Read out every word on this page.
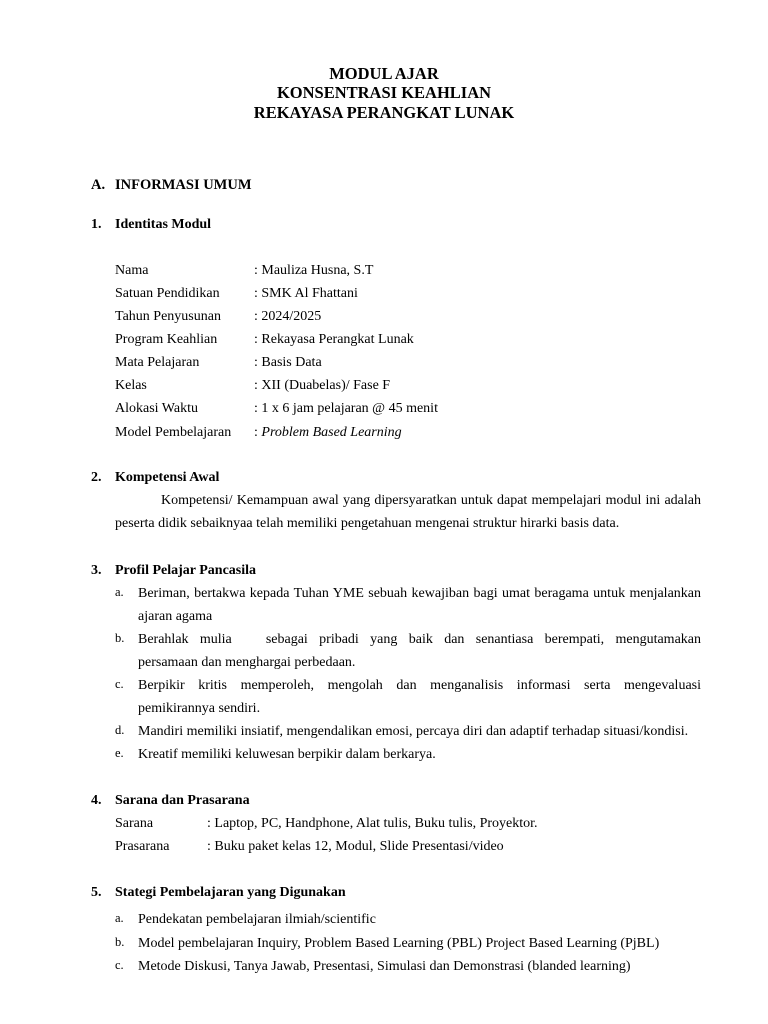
MODUL AJAR
KONSENTRASI KEAHLIAN
REKAYASA PERANGKAT LUNAK
A. INFORMASI UMUM
1. Identitas Modul
Nama	: Mauliza Husna, S.T
Satuan Pendidikan : SMK Al Fhattani
Tahun Penyusunan : 2024/2025
Program Keahlian	: Rekayasa Perangkat Lunak
Mata Pelajaran	: Basis Data
Kelas	: XII (Duabelas)/ Fase F
Alokasi Waktu	: 1 x 6 jam pelajaran @ 45 menit
Model Pembelajaran : Problem Based Learning
2. Kompetensi Awal
Kompetensi/ Kemampuan awal yang dipersyaratkan untuk dapat mempelajari modul ini adalah
peserta didik sebaiknyaa telah memiliki pengetahuan mengenai struktur hirarki basis data.
3. Profil Pelajar Pancasila
a. Beriman, bertakwa kepada Tuhan YME sebuah kewajiban bagi umat beragama untuk menjalankan
ajaran agama
b. Berahlak mulia   sebagai pribadi yang baik dan senantiasa berempati, mengutamakan
persamaan dan menghargai perbedaan.
c. Berpikir kritis memperoleh, mengolah dan menganalisis informasi serta mengevaluasi
pemikirannya sendiri.
d. Mandiri memiliki insiatif, mengendalikan emosi, percaya diri dan adaptif terhadap situasi/kondisi.
e. Kreatif memiliki keluwesan berpikir dalam berkarya.
4. Sarana dan Prasarana
Sarana	: Laptop, PC, Handphone, Alat tulis, Buku tulis, Proyektor.
Prasarana	: Buku paket kelas 12, Modul, Slide Presentasi/video
5. Stategi Pembelajaran yang Digunakan
a. Pendekatan pembelajaran ilmiah/scientific
b. Model pembelajaran Inquiry, Problem Based Learning (PBL) Project Based Learning (PjBL)
c. Metode Diskusi, Tanya Jawab, Presentasi, Simulasi dan Demonstrasi (blanded learning)
